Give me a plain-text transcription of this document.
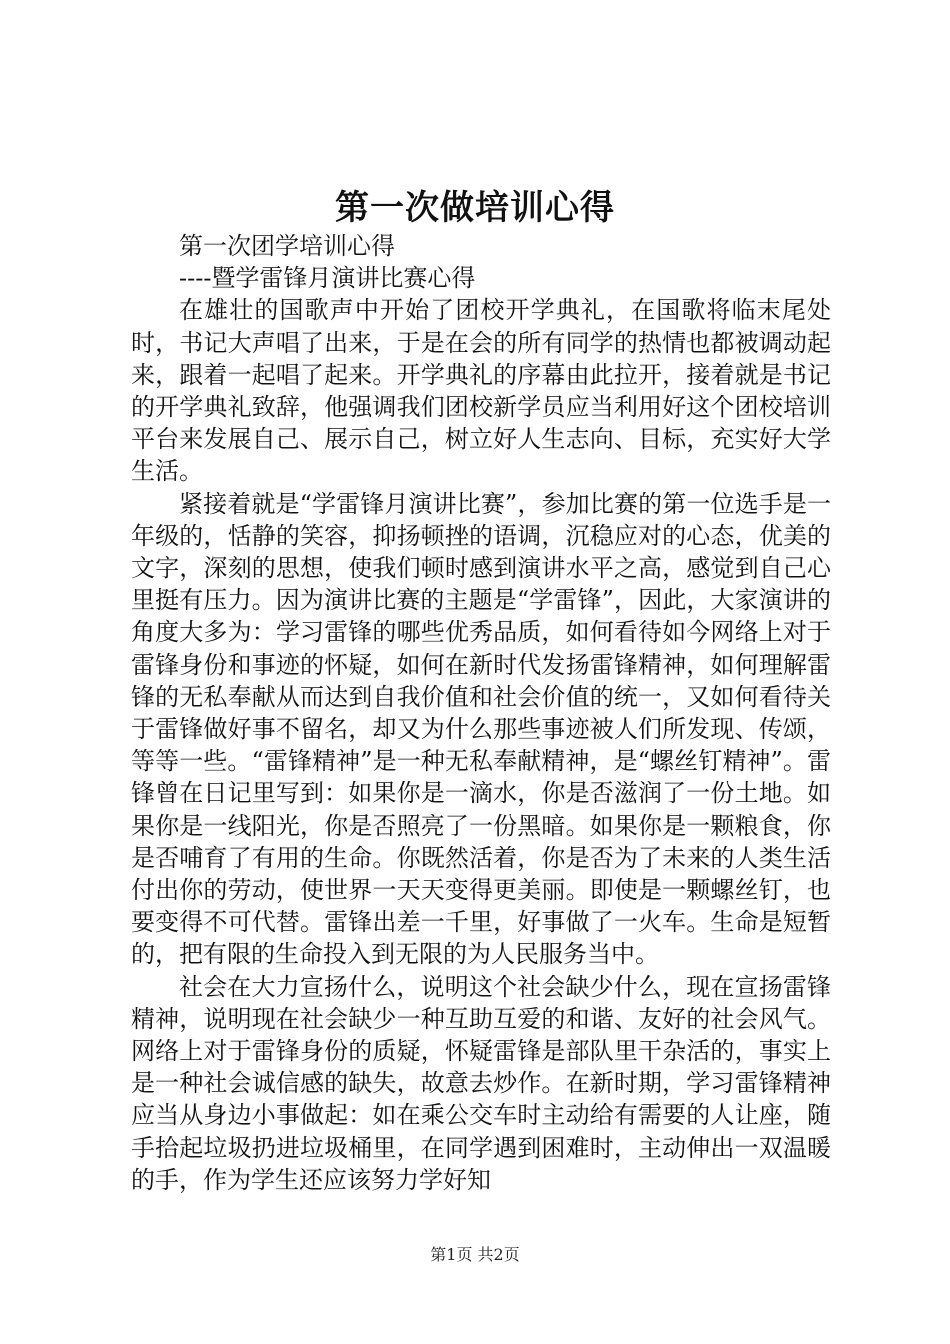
第一次做培训心得
第一次团学培训心得
----暨学雷锋月演讲比赛心得

在雄壮的国歌声中开始了团校开学典礼，在国歌将临末尾处时，书记大声唱了出来，于是在会的所有同学的热情也都被调动起来，跟着一起唱了起来。开学典礼的序幕由此拉开，接着就是书记的开学典礼致辞，他强调我们团校新学员应当利用好这个团校培训平台来发展自己、展示自己，树立好人生志向、目标，充实好大学生活。

紧接着就是“学雷锋月演讲比赛”，参加比赛的第一位选手是一年级的，恬静的笑容，抑扬顿挫的语调，沉稳应对的心态，优美的文字，深刻的思想，使我们顿时感到演讲水平之高，感觉到自己心里挺有压力。因为演讲比赛的主题是“学雷锋”，因此，大家演讲的角度大多为：学习雷锋的哪些优秀品质，如何看待如今网络上对于雷锋身份和事迹的怀疑，如何在新时代发扬雷锋精神，如何理解雷锋的无私奉献从而达到自我价值和社会价值的统一，又如何看待关于雷锋做好事不留名，却又为什么那些事迹被人们所发现、传颂，等等一些。“雷锋精神”是一种无私奉献精神，是“螺丝钉精神”。雷锋曾在日记里写到：如果你是一滴水，你是否滋润了一份土地。如果你是一线阳光，你是否照亮了一份黑暗。如果你是一颗粮食，你是否哺育了有用的生命。你既然活着，你是否为了未来的人类生活付出你的劳动，使世界一天天变得更美丽。即使是一颗螺丝钉，也要变得不可代替。雷锋出差一千里，好事做了一火车。生命是短暂的，把有限的生命投入到无限的为人民服务当中。

社会在大力宣扬什么，说明这个社会缺少什么，现在宣扬雷锋精神，说明现在社会缺少一种互助互爱的和谐、友好的社会风气。网络上对于雷锋身份的质疑，怀疑雷锋是部队里干杂活的，事实上是一种社会诚信感的缺失，故意去炒作。在新时期，学习雷锋精神应当从身边小事做起：如在乘公交车时主动给有需要的人让座，随手拾起垃圾扔进垃圾桶里，在同学遇到困难时，主动伸出一双温暖的手，作为学生还应该努力学好知

第1页 共2页
